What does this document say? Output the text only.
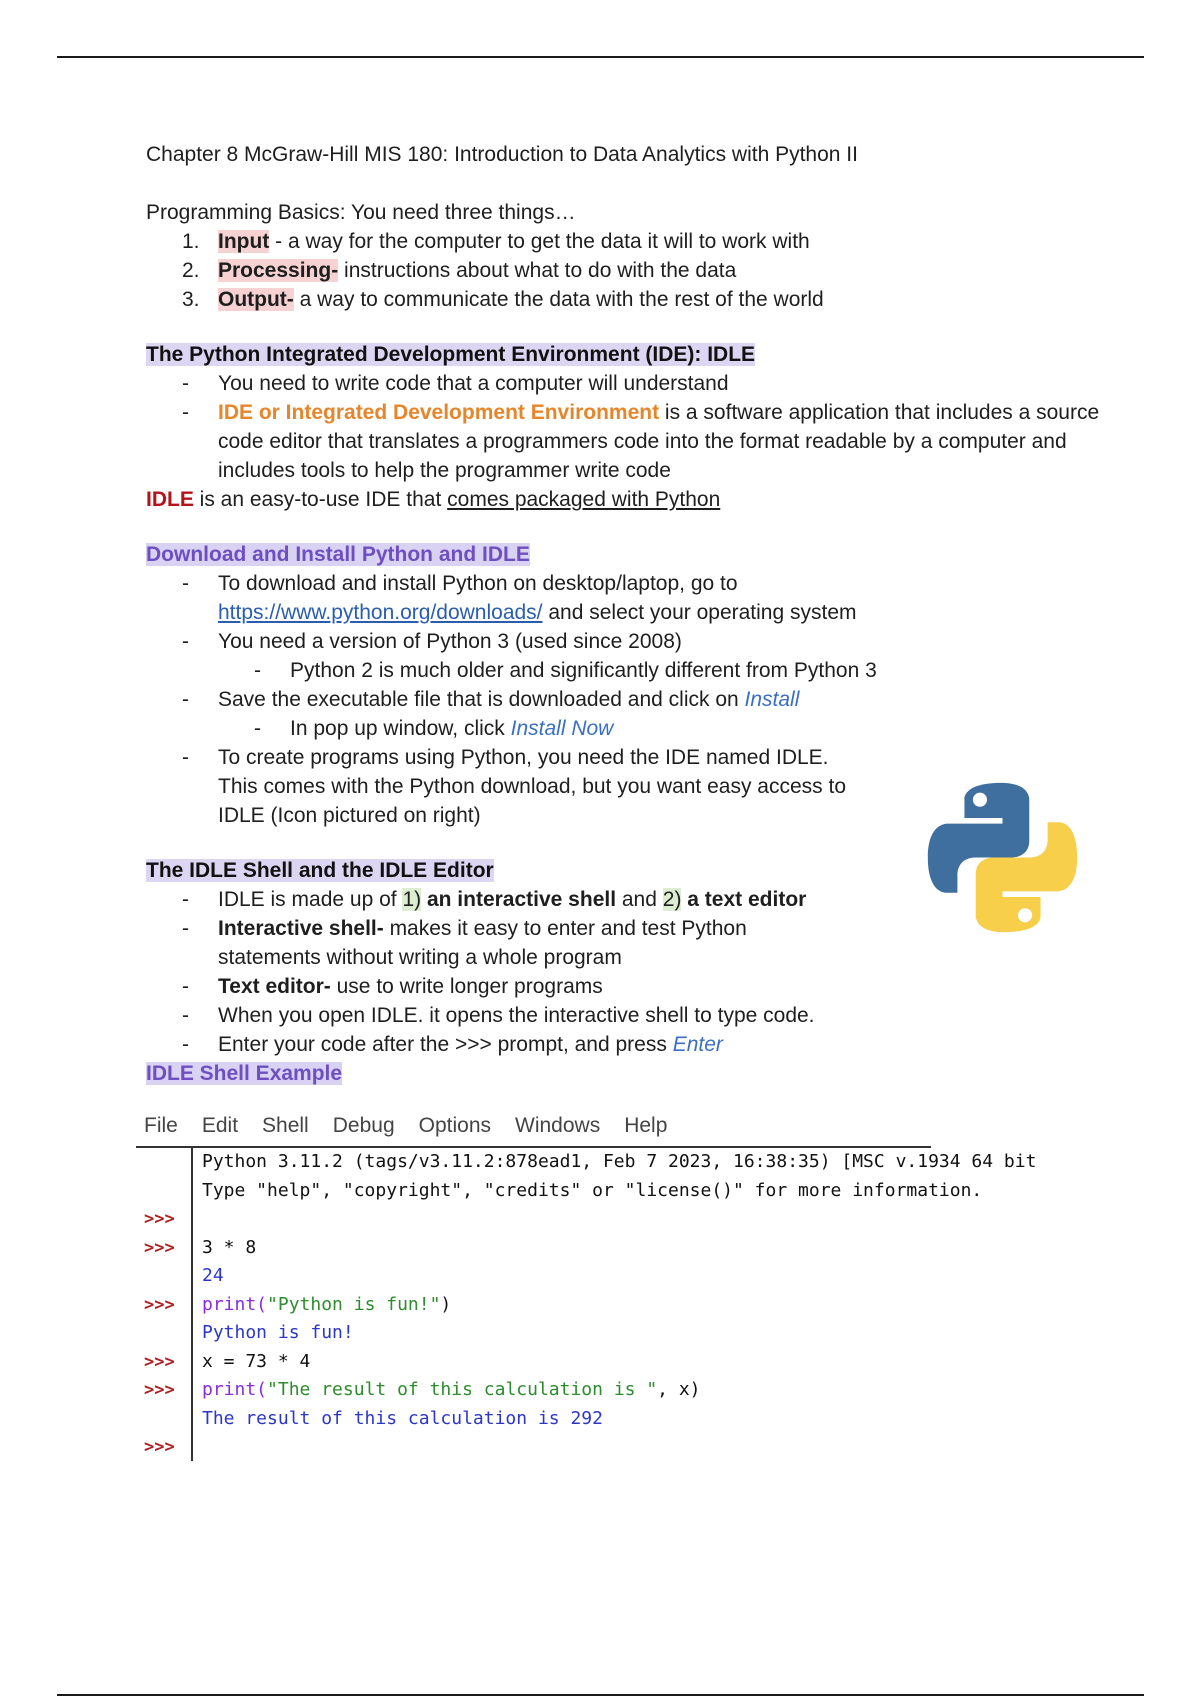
Chapter 8 McGraw-Hill MIS 180: Introduction to Data Analytics with Python II

Programming Basics: You need three things…

1. Input - a way for the computer to get the data it will to work with
2. Processing- instructions about what to do with the data
3. Output- a way to communicate the data with the rest of the world

The Python Integrated Development Environment (IDE): IDLE

- You need to write code that a computer will understand
- IDE or Integrated Development Environment is a software application that includes a source code editor that translates a programmers code into the format readable by a computer and includes tools to help the programmer write code

IDLE is an easy-to-use IDE that comes packaged with Python

Download and Install Python and IDLE

- To download and install Python on desktop/laptop, go to
https://www.python.org/downloads/ and select your operating system
- You need a version of Python 3 (used since 2008)
- Python 2 is much older and significantly different from Python 3
- Save the executable file that is downloaded and click on Install
- In pop up window, click Install Now
- To create programs using Python, you need the IDE named IDLE. This comes with the Python download, but you want easy access to IDLE (Icon pictured on right)

The IDLE Shell and the IDLE Editor

- IDLE is made up of 1) an interactive shell and 2) a text editor
- Interactive shell- makes it easy to enter and test Python statements without writing a whole program
- Text editor- use to write longer programs
- When you open IDLE. it opens the interactive shell to type code.
- Enter your code after the >>> prompt, and press Enter

IDLE Shell Example

File Edit Shell Debug Options Windows Help
>>>
>>>
>>>
>>>
>>>
>>>
Python 3.11.2 (tags/v3.11.2:878ead1, Feb 7 2023, 16:38:35) [MSC v.1934 64 bit
Type "help", "copyright", "credits" or "license()" for more information.
3 * 8
24
print("Python is fun!")
Python is fun!
x = 73 * 4
print("The result of this calculation is ", x)
The result of this calculation is 292
